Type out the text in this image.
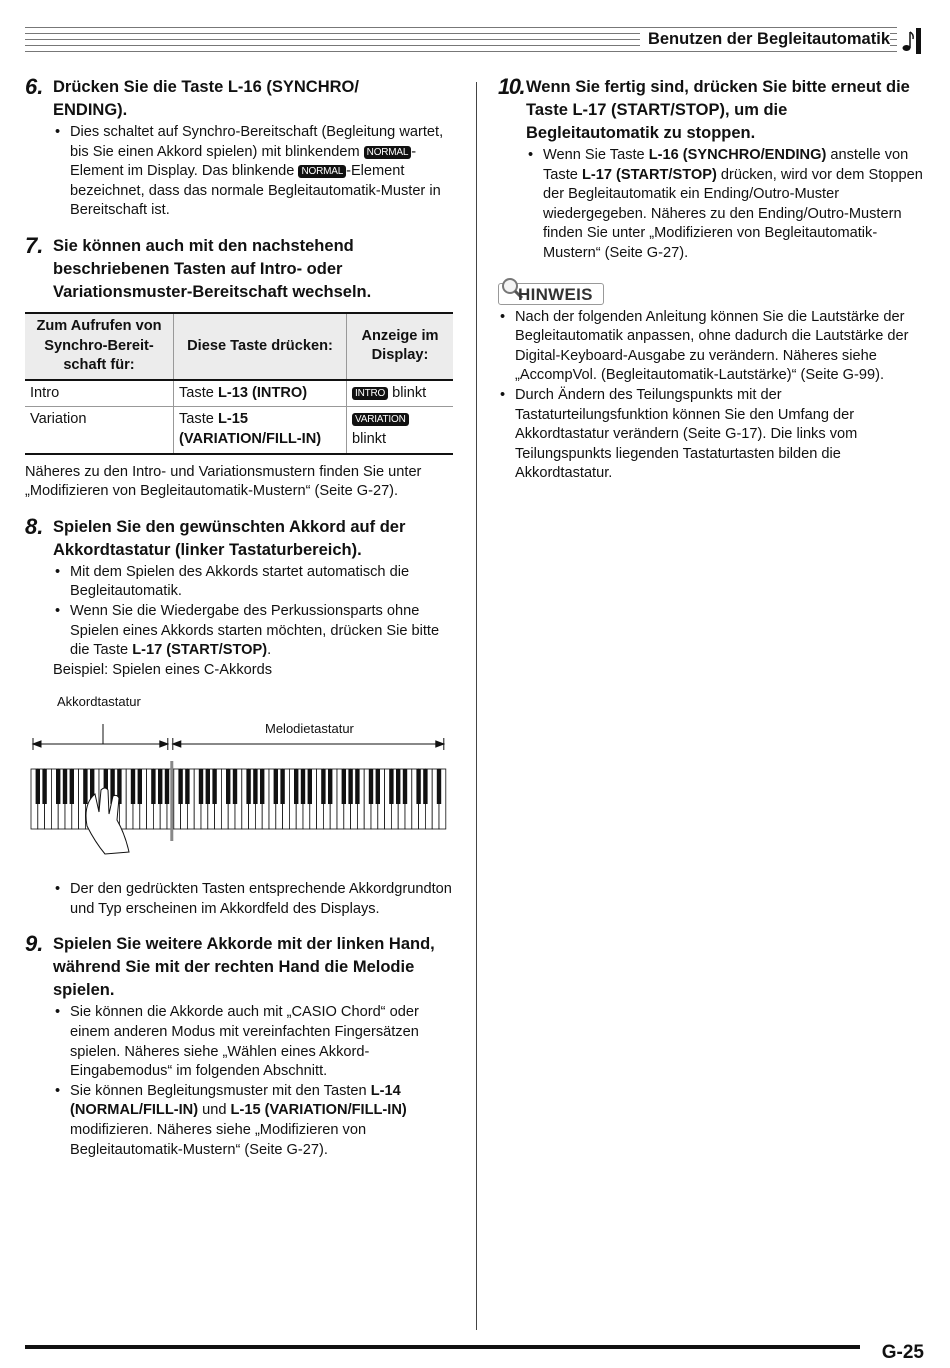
Benutzen der Begleitautomatik
6. Drücken Sie die Taste L-16 (SYNCHRO/ ENDING).

• Dies schaltet auf Synchro-Bereitschaft (Begleitung wartet, bis Sie einen Akkord spielen) mit blinkendem NORMAL -Element im Display. Das blinkende NORMAL -Element bezeichnet, dass das normale Begleitautomatik-Muster in Bereitschaft ist.
7. Sie können auch mit den nachstehend beschriebenen Tasten auf Intro- oder Variationsmuster-Bereitschaft wechseln.

Zum Aufrufen von Synchro-Bereit-schaft für:	Diese Taste drücken:	Anzeige im Display:
Intro	Taste L-13 (INTRO)	INTRO blinkt
Variation	Taste L-15 (VARIATION/FILL-IN)	VARIATION
blinkt
Näheres zu den Intro- und Variationsmustern finden Sie unter „Modifizieren von Begleitautomatik-Mustern“ (Seite G-27).
8. Spielen Sie den gewünschten Akkord auf der Akkordtastatur (linker Tastaturbereich).

• Mit dem Spielen des Akkords startet automatisch die Begleitautomatik.
• Wenn Sie die Wiedergabe des Perkussionsparts ohne Spielen eines Akkords starten möchten, drücken Sie bitte die Taste L-17 (START/STOP).
Beispiel: Spielen eines C-Akkords
Akkordtastatur
Melodietastatur
• Der den gedrückten Tasten entsprechende Akkordgrundton und Typ erscheinen im Akkordfeld des Displays.
9. Spielen Sie weitere Akkorde mit der linken Hand, während Sie mit der rechten Hand die Melodie spielen.

• Sie können die Akkorde auch mit „CASIO Chord“ oder einem anderen Modus mit vereinfachten Fingersätzen spielen. Näheres siehe „Wählen eines Akkord-Eingabemodus“ im folgenden Abschnitt.
• Sie können Begleitungsmuster mit den Tasten L-14 (NORMAL/FILL-IN) und L-15 (VARIATION/FILL-IN) modifizieren. Näheres siehe „Modifizieren von Begleitautomatik-Mustern“ (Seite G-27).
10. Wenn Sie fertig sind, drücken Sie bitte erneut die Taste L-17 (START/STOP), um die Begleitautomatik zu stoppen.

• Wenn Sie Taste L-16 (SYNCHRO/ENDING) anstelle von Taste L-17 (START/STOP) drücken, wird vor dem Stoppen der Begleitautomatik ein Ending/Outro-Muster wiedergegeben. Näheres zu den Ending/Outro-Mustern finden Sie unter „Modifizieren von Begleitautomatik-Mustern“ (Seite G-27).
HINWEIS
• Nach der folgenden Anleitung können Sie die Lautstärke der Begleitautomatik anpassen, ohne dadurch die Lautstärke der Digital-Keyboard-Ausgabe zu verändern. Näheres siehe „AccompVol. (Begleitautomatik-Lautstärke)“ (Seite G-99).
• Durch Ändern des Teilungspunkts mit der Tastaturteilungsfunktion können Sie den Umfang der Akkordtastatur verändern (Seite G-17). Die links vom Teilungspunkts liegenden Tastaturtasten bilden die Akkordtastatur.
G-25
